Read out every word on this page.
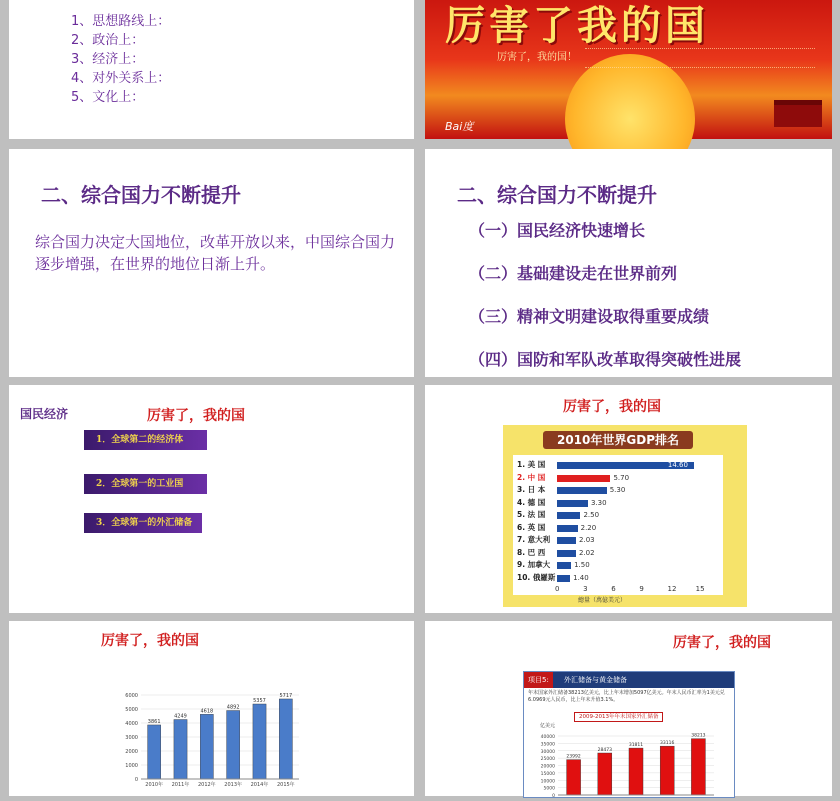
1、思想路线上：
2、政治上：
3、经济上：
4、对外关系上：
5、文化上：
厉害了我的国
厉害了，我的国！
Bai度
二、综合国力不断提升
综合国力决定大国地位，改革开放以来，中国综合国力逐步增强，在世界的地位日渐上升。
二、综合国力不断提升
（一）国民经济快速增长
（二）基础建设走在世界前列
（三）精神文明建设取得重要成绩
（四）国防和军队改革取得突破性进展
国民经济	厉害了，我的国
1．全球第二的经济体
2．全球第一的工业国
3．全球第一的外汇储备
厉害了，我的国
2010年世界GDP排名
1. 美 国	14.60
2. 中 国	5.70
3. 日 本	5.30
4. 德 国	3.30
5. 法 国	2.50
6. 英 国	2.20
7. 意大利	2.03
8. 巴 西	2.02
9. 加拿大	1.50
10. 俄羅斯	1.40
0	3	6	9	12	15
總量（萬億美元）
厉害了，我的国
0
1000
2000
3000
4000
5000
6000
3861
2010年
4249
2011年
4618
2012年
4892
2013年
5357
2014年
5717
2015年
厉害了，我的国
项目5:	外汇储备与黄金储备
年末国家外汇储备38213亿美元，比上年末增加5097亿美元。年末人民币汇率为1美元兑6.0969元人民币，比上年末升值3.1%。
2009-2013年年末国家外汇储备
亿美元
0
5000
10000
15000
20000
25000
30000
35000
40000
23992
28473
31811	33116
38213
